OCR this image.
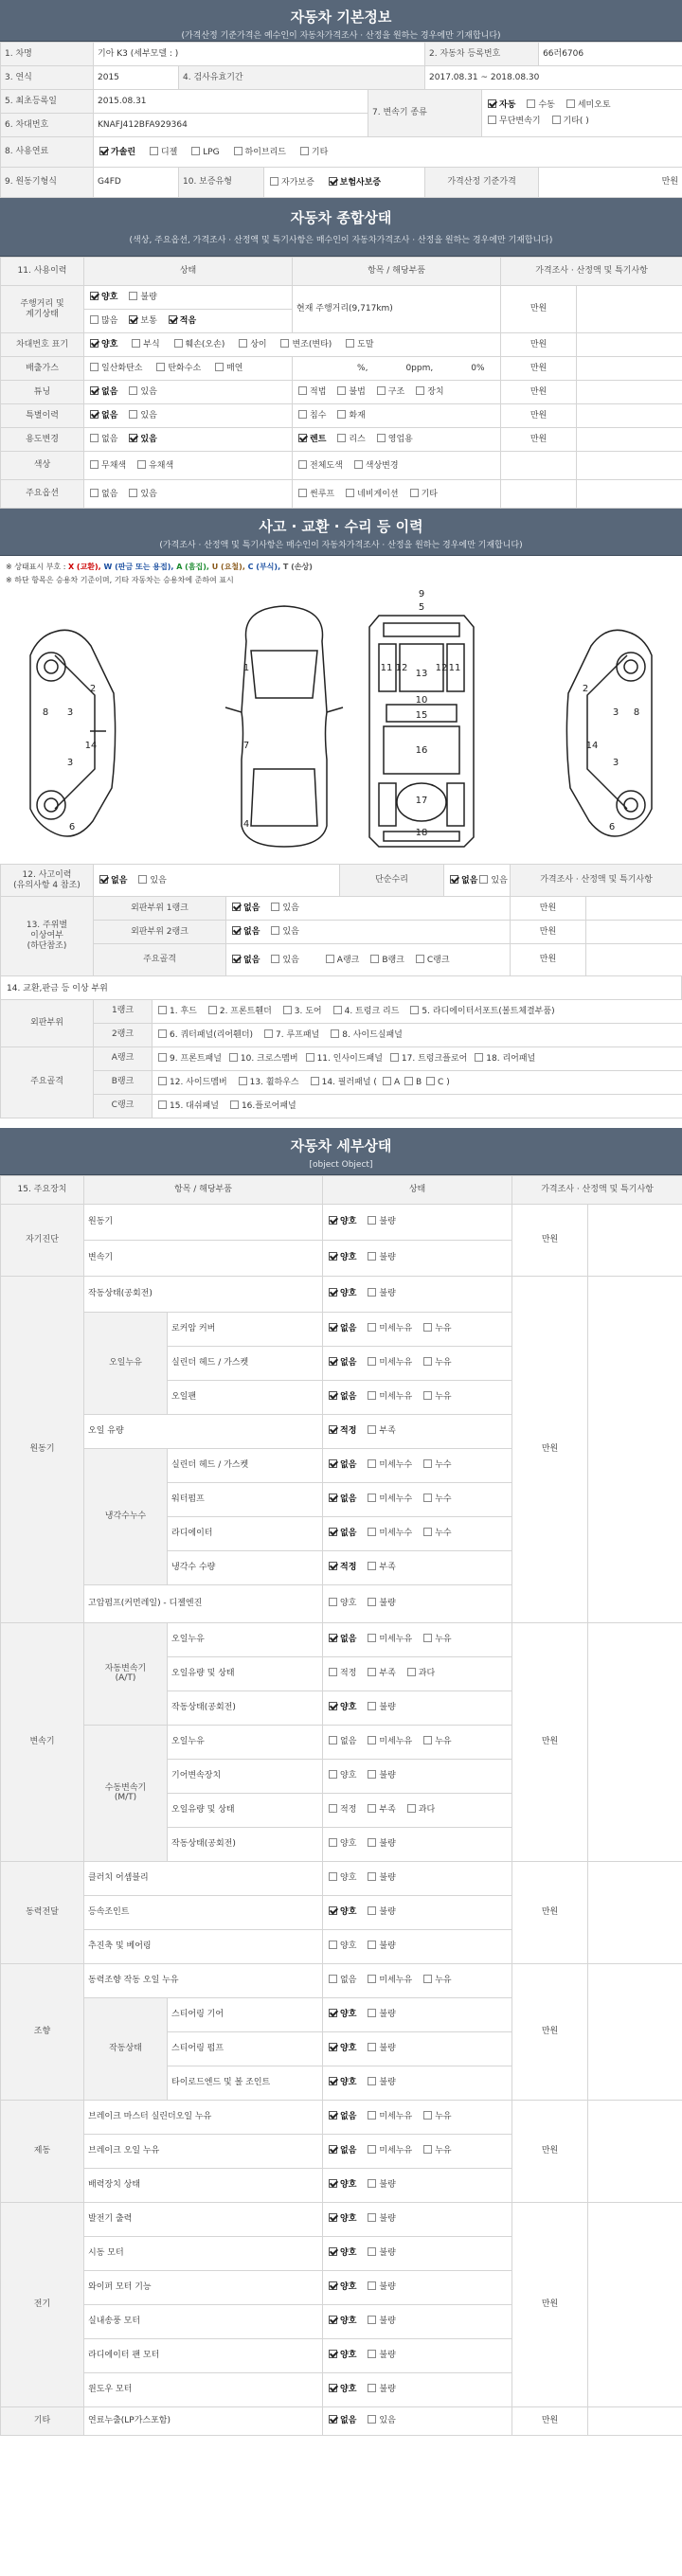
자동차 기본정보
(가격산정 기준가격은 예수인이 자동차가격조사 · 산정을 원하는 경우에만 기재합니다)
1. 차명	기아 K3 (세부모델 : )				2. 자동차 등록번호		66러6706
3. 연식	2015	4. 검사유효기간			2017.08.31 ~ 2018.08.30		
5. 최초등록일	2015.08.31			7. 변속기 종류		자동 수동 세미오토
무단변속기 기타( )	

6. 차대번호	KNAFJ412BFA929364						
8. 사용연료	가솔린 디젤 LPG 하이브리드 기타						
9. 원동기형식	G4FD	10. 보증유형	자가보증 보험사보증		가격산정 기준가격		만원
자동차 종합상태
(색상, 주요옵션, 가격조사 · 산정액 및 특기사항은 매수인이 자동차가격조사 · 산정을 원하는 경우에만 기재합니다)
11. 사용이력	상태	항목 / 해당부품	가격조사 · 산정액 및 특기사항	
주행거리 및
계기상태	양호 불량	현재 주행거리(9,717km)	만원	
	많음 보통 적음			
차대번호 표기	양호 부식 훼손(오손) 상이 변조(변타) 도말		만원	
배출가스	일산화탄소 탄화수소 매연	%, 0ppm, 0%	만원	
튜닝	없음 있음	적법 불법 구조 장치	만원	
특별이력	없음 있음	침수 화재	만원	
용도변경	없음 있음	렌트 리스 영업용	만원	
색상	무채색 유채색	전체도색 색상변경		
주요옵션	없음 있음	썬루프 네비게이션 기타		
사고 · 교환 · 수리 등 이력
(가격조사 · 산정액 및 특기사항은 매수인이 자동차가격조사 · 산정을 원하는 경우에만 기재합니다)
※ 상태표시 부호 : X (교환), W (판금 또는 용접), A (흠집), U (요철), C (부식), T (손상)
※ 하단 항목은 승용차 기준이며, 기타 자동차는 승용차에 준하여 표시
1
2
3
3
4
5
6
7
8
9
10
11	11
12	12
13
14
15
16
17
18
2
3	8
3
14
6
12. 사고이력
(유의사항 4 참조)	없음 있음		단순수리	없음 있음	가격조사 · 산정액 및 특기사항	
13. 주위별
이상여부
(하단참조)	외판부위 1랭크	없음 있음			만원	
	외판부위 2랭크	없음 있음			만원	
	주요골격	없음 있음 A랭크 B랭크 C랭크			만원	
14. 교환,판금 등 이상 부위
외판부위	1랭크	1. 후드 2. 프론트휀더 3. 도어 4. 트렁크 리드 5. 라디에이터서포트(볼트체결부품)
	2랭크	6. 쿼터패널(리어휀더) 7. 루프패널 8. 사이드실패널
주요골격	A랭크	9. 프론트패널 10. 크로스멤버 11. 인사이드패널 17. 트렁크플로어 18. 리어패널
	B랭크	12. 사이드멤버 13. 휠하우스 14. 필러패널 ( A B C )
	C랭크	15. 대쉬패널 16.플로어패널
자동차 세부상태
[object Object]
15. 주요장치	항목 / 해당부품		상태	가격조사 · 산정액 및 특기사항	
자기진단	원동기		양호 불량	만원	
	변속기		양호 불량		
원동기	작동상태(공회전)		양호 불량	만원	
	오일누유	로커암 커버	없음 미세누유 누유		
		실린더 헤드 / 가스켓	없음 미세누유 누유		
		오일팬	없음 미세누유 누유		
	오일 유량		적정 부족		
	냉각수누수	실린더 헤드 / 가스켓	없음 미세누수 누수		
		워터펌프	없음 미세누수 누수		
		라디에이터	없음 미세누수 누수		
		냉각수 수량	적정 부족		
	고압펌프(커먼레일) - 디젤엔진		양호 불량		
변속기	자동변속기
(A/T)	오일누유	없음 미세누유 누유	만원	
		오일유량 및 상태	적정 부족 과다		
		작동상태(공회전)	양호 불량		
	수동변속기
(M/T)	오일누유	없음 미세누유 누유		
		기어변속장치	양호 불량		
		오일유량 및 상태	적정 부족 과다		
		작동상태(공회전)	양호 불량		
동력전달	클러치 어셈블리		양호 불량	만원	
	등속조인트		양호 불량		
	추진축 및 베어링		양호 불량		
조향	동력조향 작동 오일 누유		없음 미세누유 누유	만원	
	작동상태	스티어링 기어	양호 불량		
		스티어링 펌프	양호 불량		
		타이로드엔드 및 볼 조인트	양호 불량		
제동	브레이크 마스터 실린더오일 누유		없음 미세누유 누유	만원	
	브레이크 오일 누유		없음 미세누유 누유		
	배력장치 상태		양호 불량		
전기	발전기 출력		양호 불량	만원	
	시동 모터		양호 불량		
	와이퍼 모터 기능		양호 불량		
	실내송풍 모터		양호 불량		
	라디에이터 팬 모터		양호 불량		
	윈도우 모터		양호 불량		
기타	연료누출(LP가스포함)		없음 있음	만원	
